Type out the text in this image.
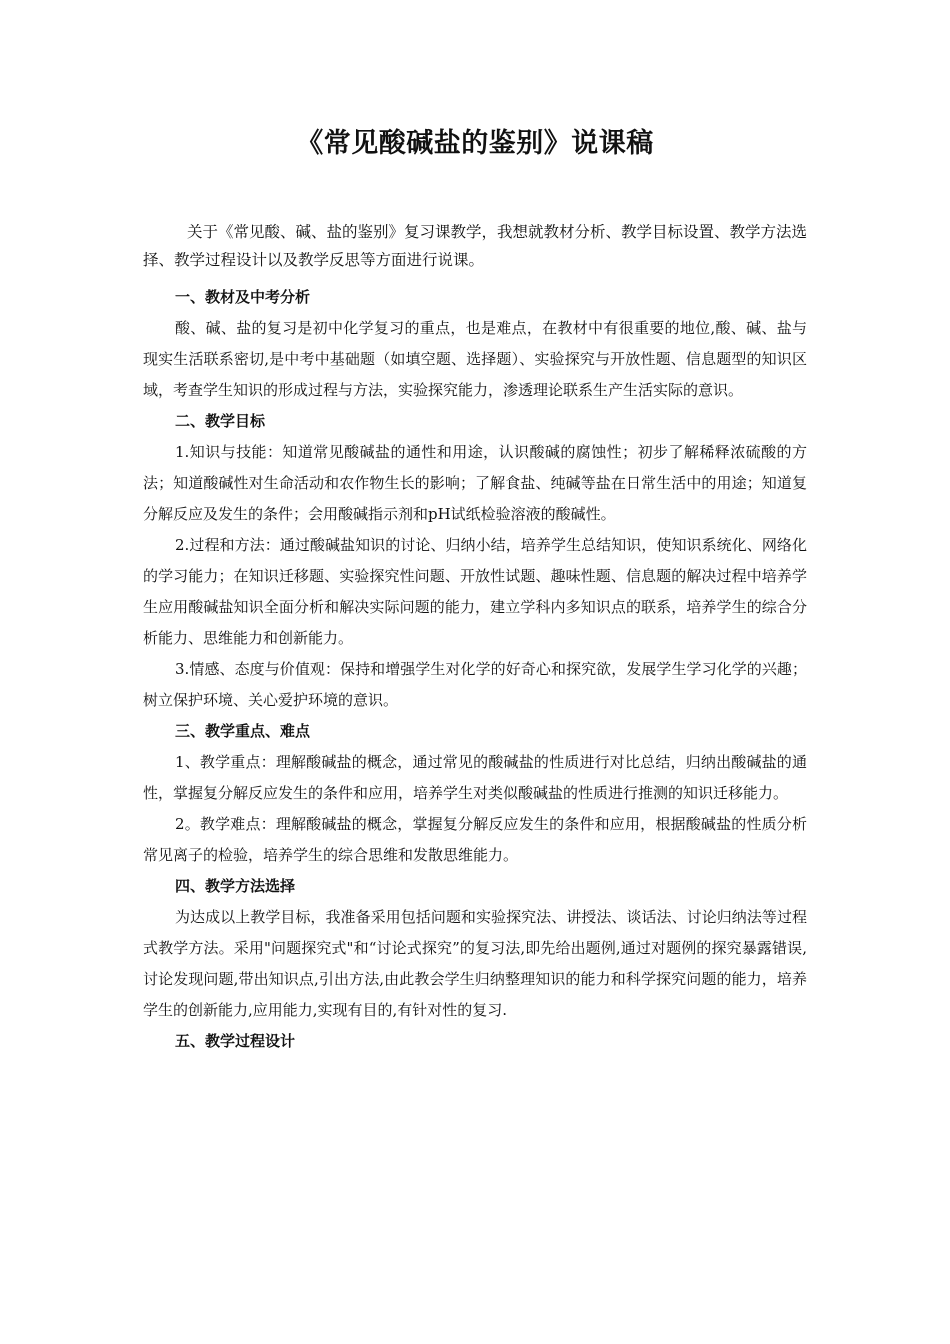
《常见酸碱盐的鉴别》说课稿

关于《常见酸、碱、盐的鉴别》复习课教学，我想就教材分析、教学目标设置、教学方法选择、教学过程设计以及教学反思等方面进行说课。

一、教材及中考分析

酸、碱、盐的复习是初中化学复习的重点，也是难点，在教材中有很重要的地位,酸、碱、盐与现实生活联系密切,是中考中基础题（如填空题、选择题）、实验探究与开放性题、信息题型的知识区域，考查学生知识的形成过程与方法，实验探究能力，渗透理论联系生产生活实际的意识。

二、教学目标

1.知识与技能：知道常见酸碱盐的通性和用途，认识酸碱的腐蚀性；初步了解稀释浓硫酸的方法；知道酸碱性对生命活动和农作物生长的影响；了解食盐、纯碱等盐在日常生活中的用途；知道复分解反应及发生的条件；会用酸碱指示剂和pH试纸检验溶液的酸碱性。

2.过程和方法：通过酸碱盐知识的讨论、归纳小结，培养学生总结知识，使知识系统化、网络化的学习能力；在知识迁移题、实验探究性问题、开放性试题、趣味性题、信息题的解决过程中培养学生应用酸碱盐知识全面分析和解决实际问题的能力，建立学科内多知识点的联系，培养学生的综合分析能力、思维能力和创新能力。

3.情感、态度与价值观：保持和增强学生对化学的好奇心和探究欲，发展学生学习化学的兴趣；树立保护环境、关心爱护环境的意识。

三、教学重点、难点

1、教学重点：理解酸碱盐的概念，通过常见的酸碱盐的性质进行对比总结，归纳出酸碱盐的通性，掌握复分解反应发生的条件和应用，培养学生对类似酸碱盐的性质进行推测的知识迁移能力。

2。教学难点：理解酸碱盐的概念，掌握复分解反应发生的条件和应用，根据酸碱盐的性质分析常见离子的检验，培养学生的综合思维和发散思维能力。

四、教学方法选择

为达成以上教学目标，我准备采用包括问题和实验探究法、讲授法、谈话法、讨论归纳法等过程式教学方法。采用"问题探究式"和“讨论式探究”的复习法,即先给出题例,通过对题例的探究暴露错误,讨论发现问题,带出知识点,引出方法,由此教会学生归纳整理知识的能力和科学探究问题的能力，培养学生的创新能力,应用能力,实现有目的,有针对性的复习.

五、教学过程设计
